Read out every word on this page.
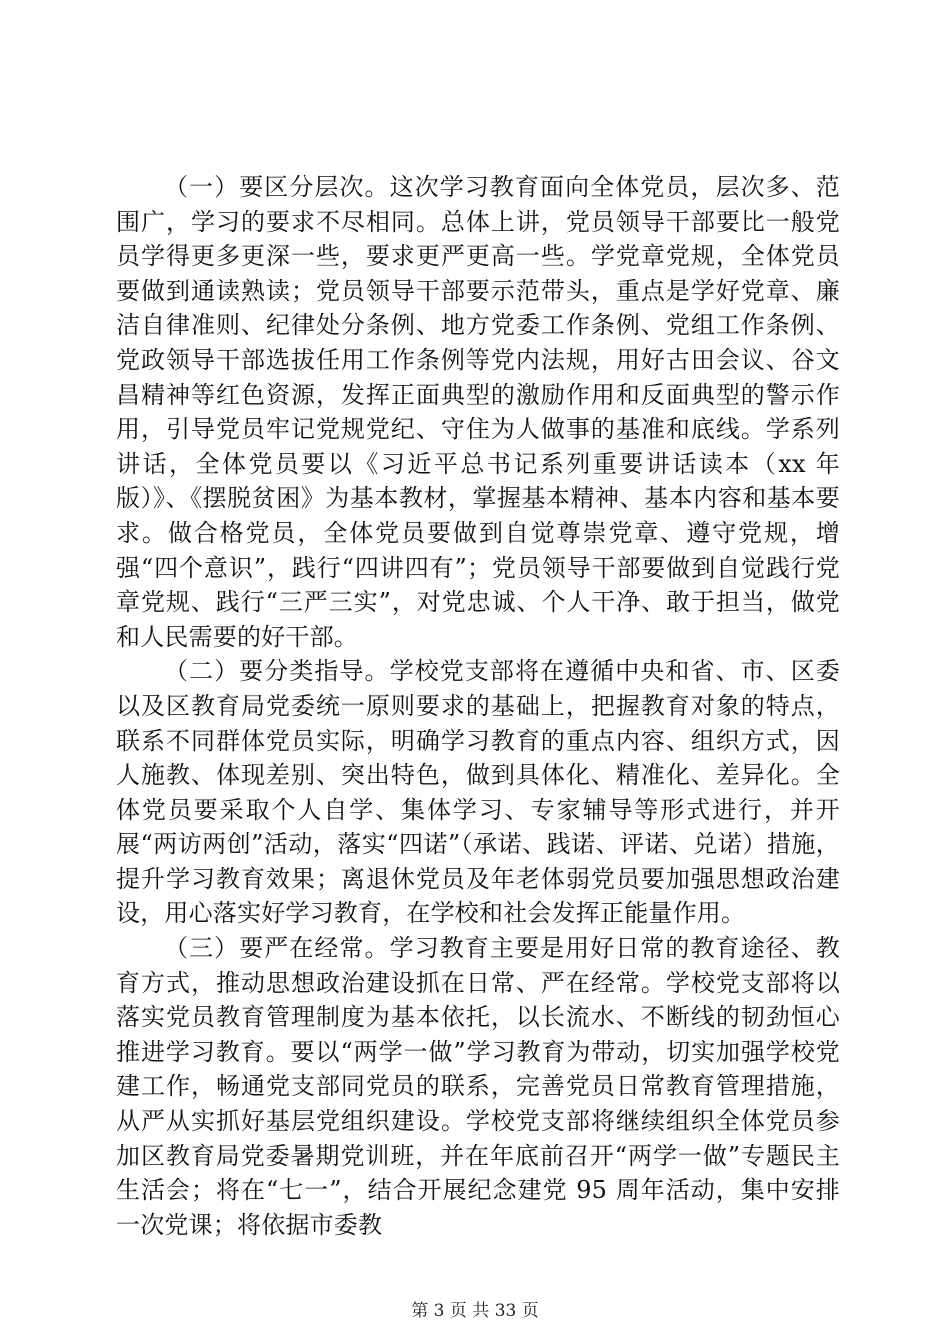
（一）要区分层次。这次学习教育面向全体党员，层次多、范围广，学习的要求不尽相同。总体上讲，党员领导干部要比一般党员学得更多更深一些，要求更严更高一些。学党章党规，全体党员要做到通读熟读；党员领导干部要示范带头，重点是学好党章、廉洁自律准则、纪律处分条例、地方党委工作条例、党组工作条例、党政领导干部选拔任用工作条例等党内法规，用好古田会议、谷文昌精神等红色资源，发挥正面典型的激励作用和反面典型的警示作用，引导党员牢记党规党纪、守住为人做事的基准和底线。学系列讲话，全体党员要以《习近平总书记系列重要讲话读本（xx 年版）》、《摆脱贫困》为基本教材，掌握基本精神、基本内容和基本要求。做合格党员，全体党员要做到自觉尊崇党章、遵守党规，增强“四个意识”，践行“四讲四有”；党员领导干部要做到自觉践行党章党规、践行“三严三实”，对党忠诚、个人干净、敢于担当，做党和人民需要的好干部。

（二）要分类指导。学校党支部将在遵循中央和省、市、区委以及区教育局党委统一原则要求的基础上，把握教育对象的特点，联系不同群体党员实际，明确学习教育的重点内容、组织方式，因人施教、体现差别、突出特色，做到具体化、精准化、差异化。全体党员要采取个人自学、集体学习、专家辅导等形式进行，并开展“两访两创”活动，落实“四诺”（承诺、践诺、评诺、兑诺）措施，提升学习教育效果；离退休党员及年老体弱党员要加强思想政治建设，用心落实好学习教育，在学校和社会发挥正能量作用。

（三）要严在经常。学习教育主要是用好日常的教育途径、教育方式，推动思想政治建设抓在日常、严在经常。学校党支部将以落实党员教育管理制度为基本依托，以长流水、不断线的韧劲恒心推进学习教育。要以“两学一做”学习教育为带动，切实加强学校党建工作，畅通党支部同党员的联系，完善党员日常教育管理措施，从严从实抓好基层党组织建设。学校党支部将继续组织全体党员参加区教育局党委暑期党训班，并在年底前召开“两学一做”专题民主生活会；将在“七一”，结合开展纪念建党 95 周年活动，集中安排一次党课；将依据市委教

第 3 页 共 33 页
